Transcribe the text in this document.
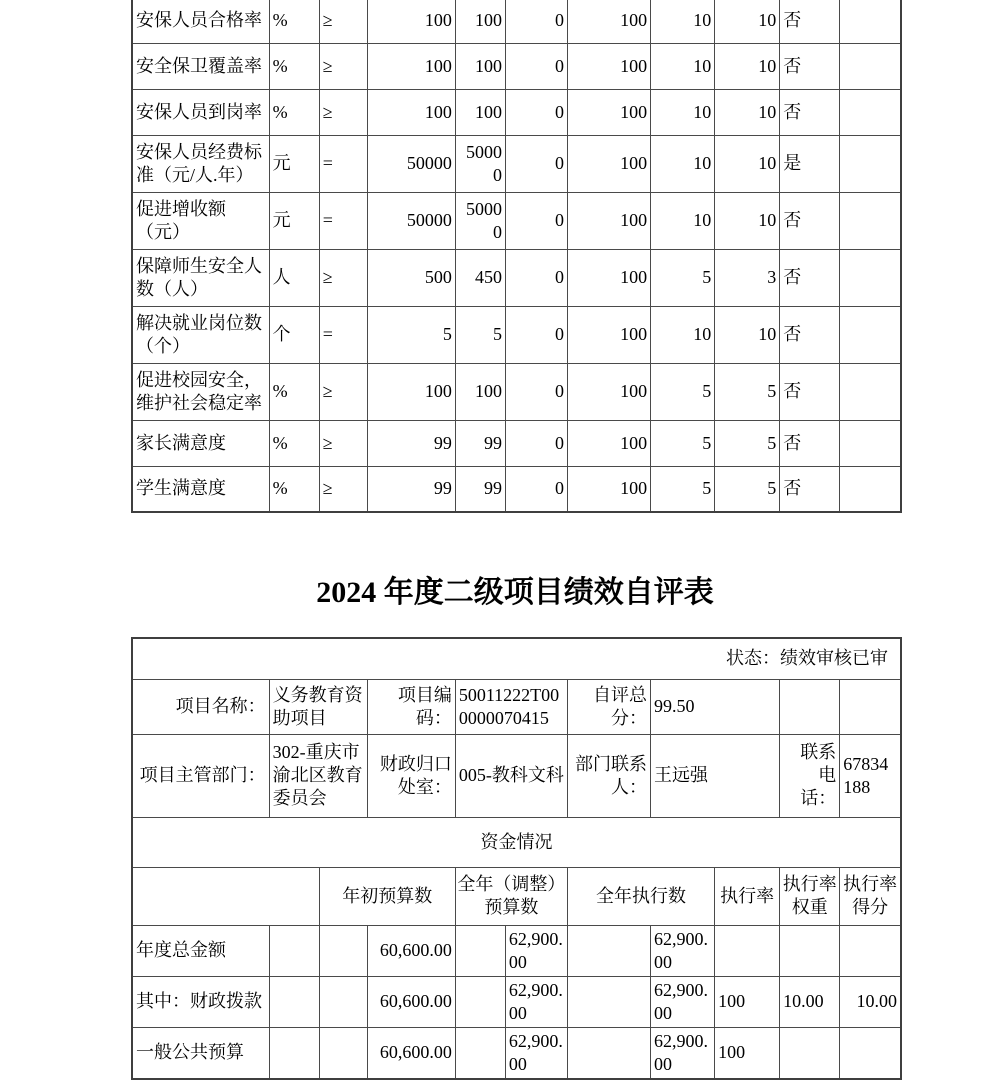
安保人员合格率	%	≥	100	100	0	100	10	10	否	
安全保卫覆盖率	%	≥	100	100	0	100	10	10	否	
安保人员到岗率	%	≥	100	100	0	100	10	10	否	
安保人员经费标准（元/人.年）	元	=	50000	50000	0	100	10	10	是	
促进增收额（元）	元	=	50000	50000	0	100	10	10	否	
保障师生安全人数（人）	人	≥	500	450	0	100	5	3	否	
解决就业岗位数（个）	个	=	5	5	0	100	10	10	否	
促进校园安全，维护社会稳定率	%	≥	100	100	0	100	5	5	否	
家长满意度	%	≥	99	99	0	100	5	5	否	
学生满意度	%	≥	99	99	0	100	5	5	否	
2024 年度二级项目绩效自评表
状态：绩效审核已审										
项目名称：	义务教育资助项目		项目编码：	50011222T000000070415		自评总分：	99.50			
项目主管部门：	302-重庆市渝北区教育委员会		财政归口处室：	005-教科文科		部门联系人：	王远强		联系电话：	67834188
资金情况										
		年初预算数		全年（调整）预算数		全年执行数		执行率	执行率权重	执行率得分
年度总金额			60,600.00		62,900.00		62,900.00			
其中：财政拨款			60,600.00		62,900.00		62,900.00	100	10.00	10.00
一般公共预算			60,600.00		62,900.00		62,900.00	100		
